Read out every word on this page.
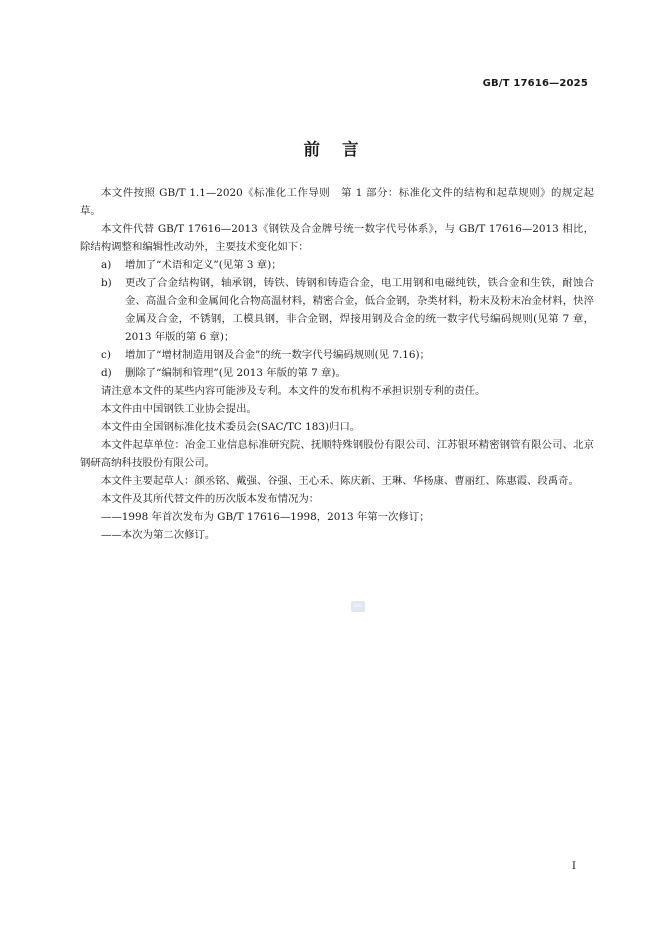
GB/T 17616—2025
前言

本文件按照 GB/T 1.1—2020《标准化工作导则　第 1 部分：标准化文件的结构和起草规则》的规定起草。

本文件代替 GB/T 17616—2013《钢铁及合金牌号统一数字代号体系》，与 GB/T 17616—2013 相比，除结构调整和编辑性改动外，主要技术变化如下：

a) 增加了“术语和定义”(见第 3 章)；
b) 更改了合金结构钢，轴承钢，铸铁、铸钢和铸造合金，电工用钢和电磁纯铁，铁合金和生铁，耐蚀合金、高温合金和金属间化合物高温材料，精密合金，低合金钢，杂类材料，粉末及粉末冶金材料，快淬金属及合金，不锈钢，工模具钢，非合金钢，焊接用钢及合金的统一数字代号编码规则(见第 7 章，2013 年版的第 6 章)；
c) 增加了“增材制造用钢及合金”的统一数字代号编码规则(见 7.16)；
d) 删除了“编制和管理”(见 2013 年版的第 7 章)。

请注意本文件的某些内容可能涉及专利。本文件的发布机构不承担识别专利的责任。

本文件由中国钢铁工业协会提出。

本文件由全国钢标准化技术委员会(SAC/TC 183)归口。

本文件起草单位：冶金工业信息标准研究院、抚顺特殊钢股份有限公司、江苏银环精密钢管有限公司、北京钢研高纳科技股份有限公司。

本文件主要起草人：颜丞铭、戴强、谷强、王心禾、陈庆新、王琳、华杨康、曹丽红、陈惠霞、段禹奇。

本文件及其所代替文件的历次版本发布情况为：

——1998 年首次发布为 GB/T 17616—1998，2013 年第一次修订；

——本次为第二次修订。

SAC
I
